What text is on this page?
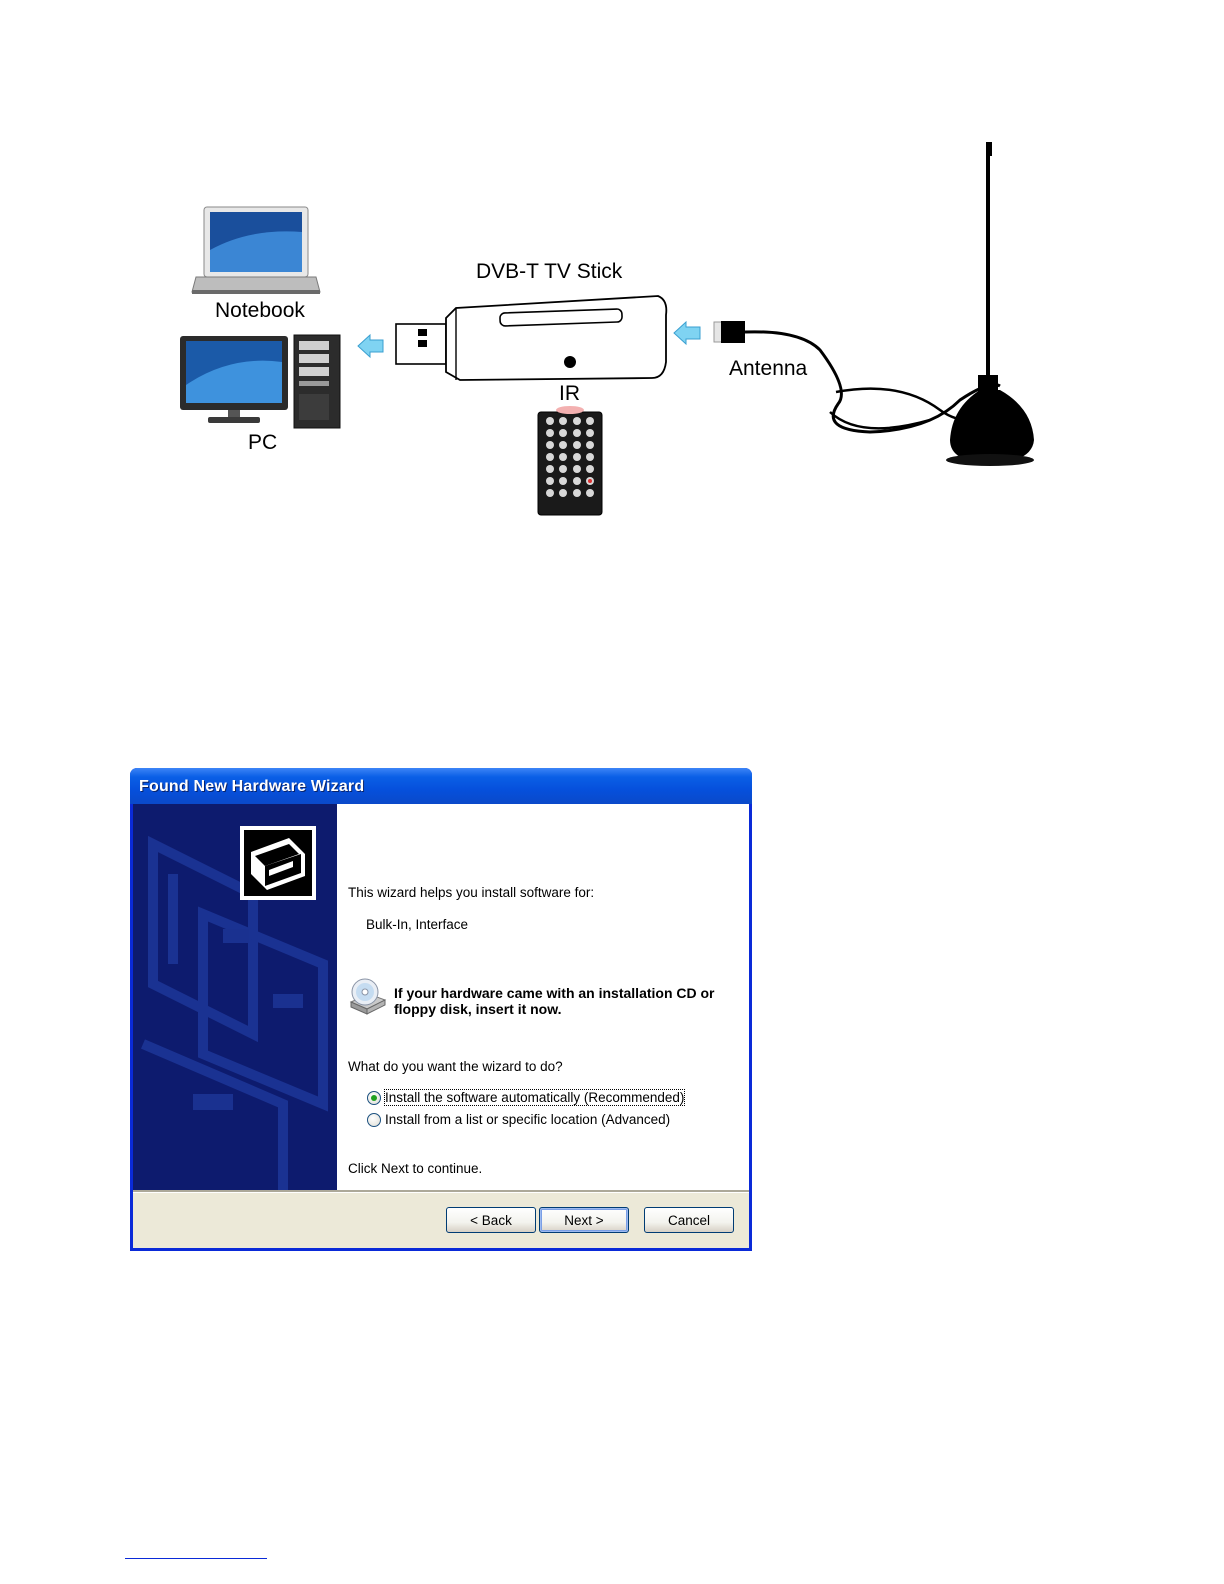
Notebook
PC
DVB-T TV Stick
IR
Antenna
Found New Hardware Wizard
This wizard helps you install software for:
Bulk-In, Interface
If your hardware came with an installation CD or floppy disk, insert it now.
What do you want the wizard to do?
Install the software automatically (Recommended)
Install from a list or specific location (Advanced)
Click Next to continue.
< Back	Next >	Cancel
